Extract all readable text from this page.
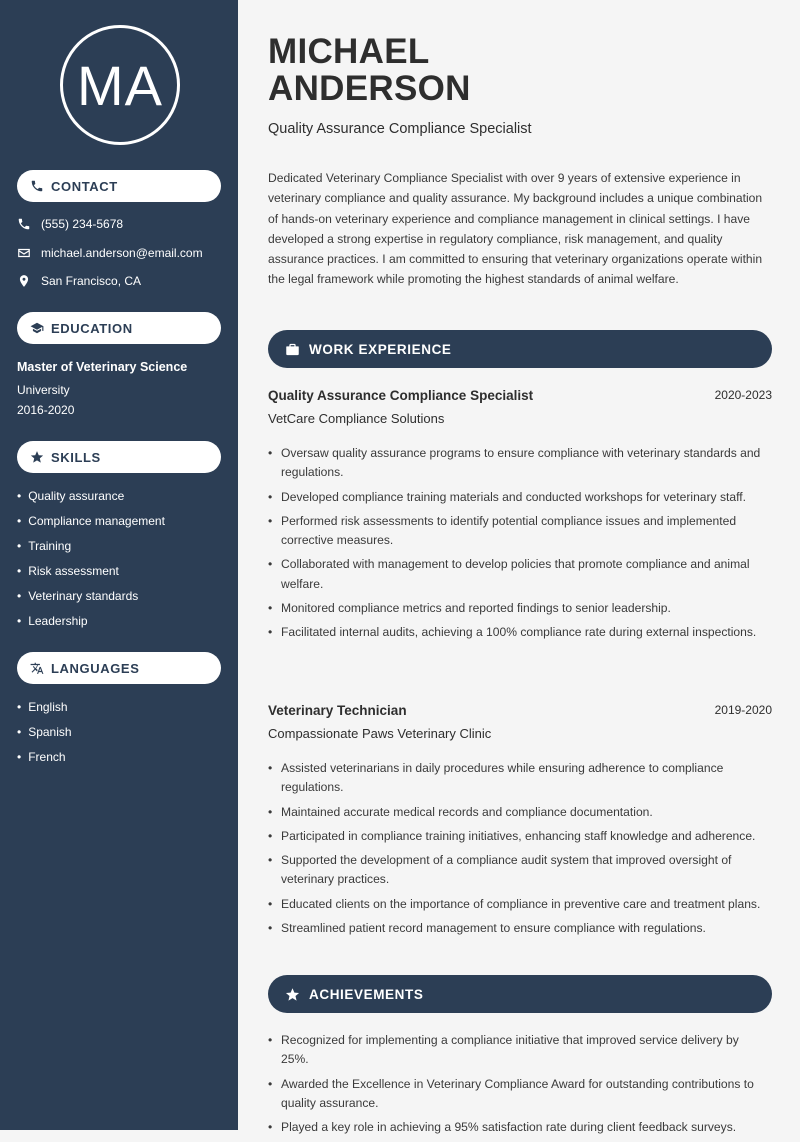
MA
CONTACT
(555) 234-5678
michael.anderson@email.com
San Francisco, CA
EDUCATION
Master of Veterinary Science
University
2016-2020
SKILLS
• Quality assurance
• Compliance management
• Training
• Risk assessment
• Veterinary standards
• Leadership
LANGUAGES
• English
• Spanish
• French
MICHAEL
ANDERSON
Quality Assurance Compliance Specialist

Dedicated Veterinary Compliance Specialist with over 9 years of extensive experience in veterinary compliance and quality assurance. My background includes a unique combination of hands-on veterinary experience and compliance management in clinical settings. I have developed a strong expertise in regulatory compliance, risk management, and quality assurance practices. I am committed to ensuring that veterinary organizations operate within the legal framework while promoting the highest standards of animal welfare.

WORK EXPERIENCE
Quality Assurance Compliance Specialist	2020-2023
VetCare Compliance Solutions
• Oversaw quality assurance programs to ensure compliance with veterinary standards and regulations.
• Developed compliance training materials and conducted workshops for veterinary staff.
• Performed risk assessments to identify potential compliance issues and implemented corrective measures.
• Collaborated with management to develop policies that promote compliance and animal welfare.
• Monitored compliance metrics and reported findings to senior leadership.
• Facilitated internal audits, achieving a 100% compliance rate during external inspections.
Veterinary Technician	2019-2020
Compassionate Paws Veterinary Clinic
• Assisted veterinarians in daily procedures while ensuring adherence to compliance regulations.
• Maintained accurate medical records and compliance documentation.
• Participated in compliance training initiatives, enhancing staff knowledge and adherence.
• Supported the development of a compliance audit system that improved oversight of veterinary practices.
• Educated clients on the importance of compliance in preventive care and treatment plans.
• Streamlined patient record management to ensure compliance with regulations.
ACHIEVEMENTS
• Recognized for implementing a compliance initiative that improved service delivery by 25%.
• Awarded the Excellence in Veterinary Compliance Award for outstanding contributions to quality assurance.
• Played a key role in achieving a 95% satisfaction rate during client feedback surveys.
